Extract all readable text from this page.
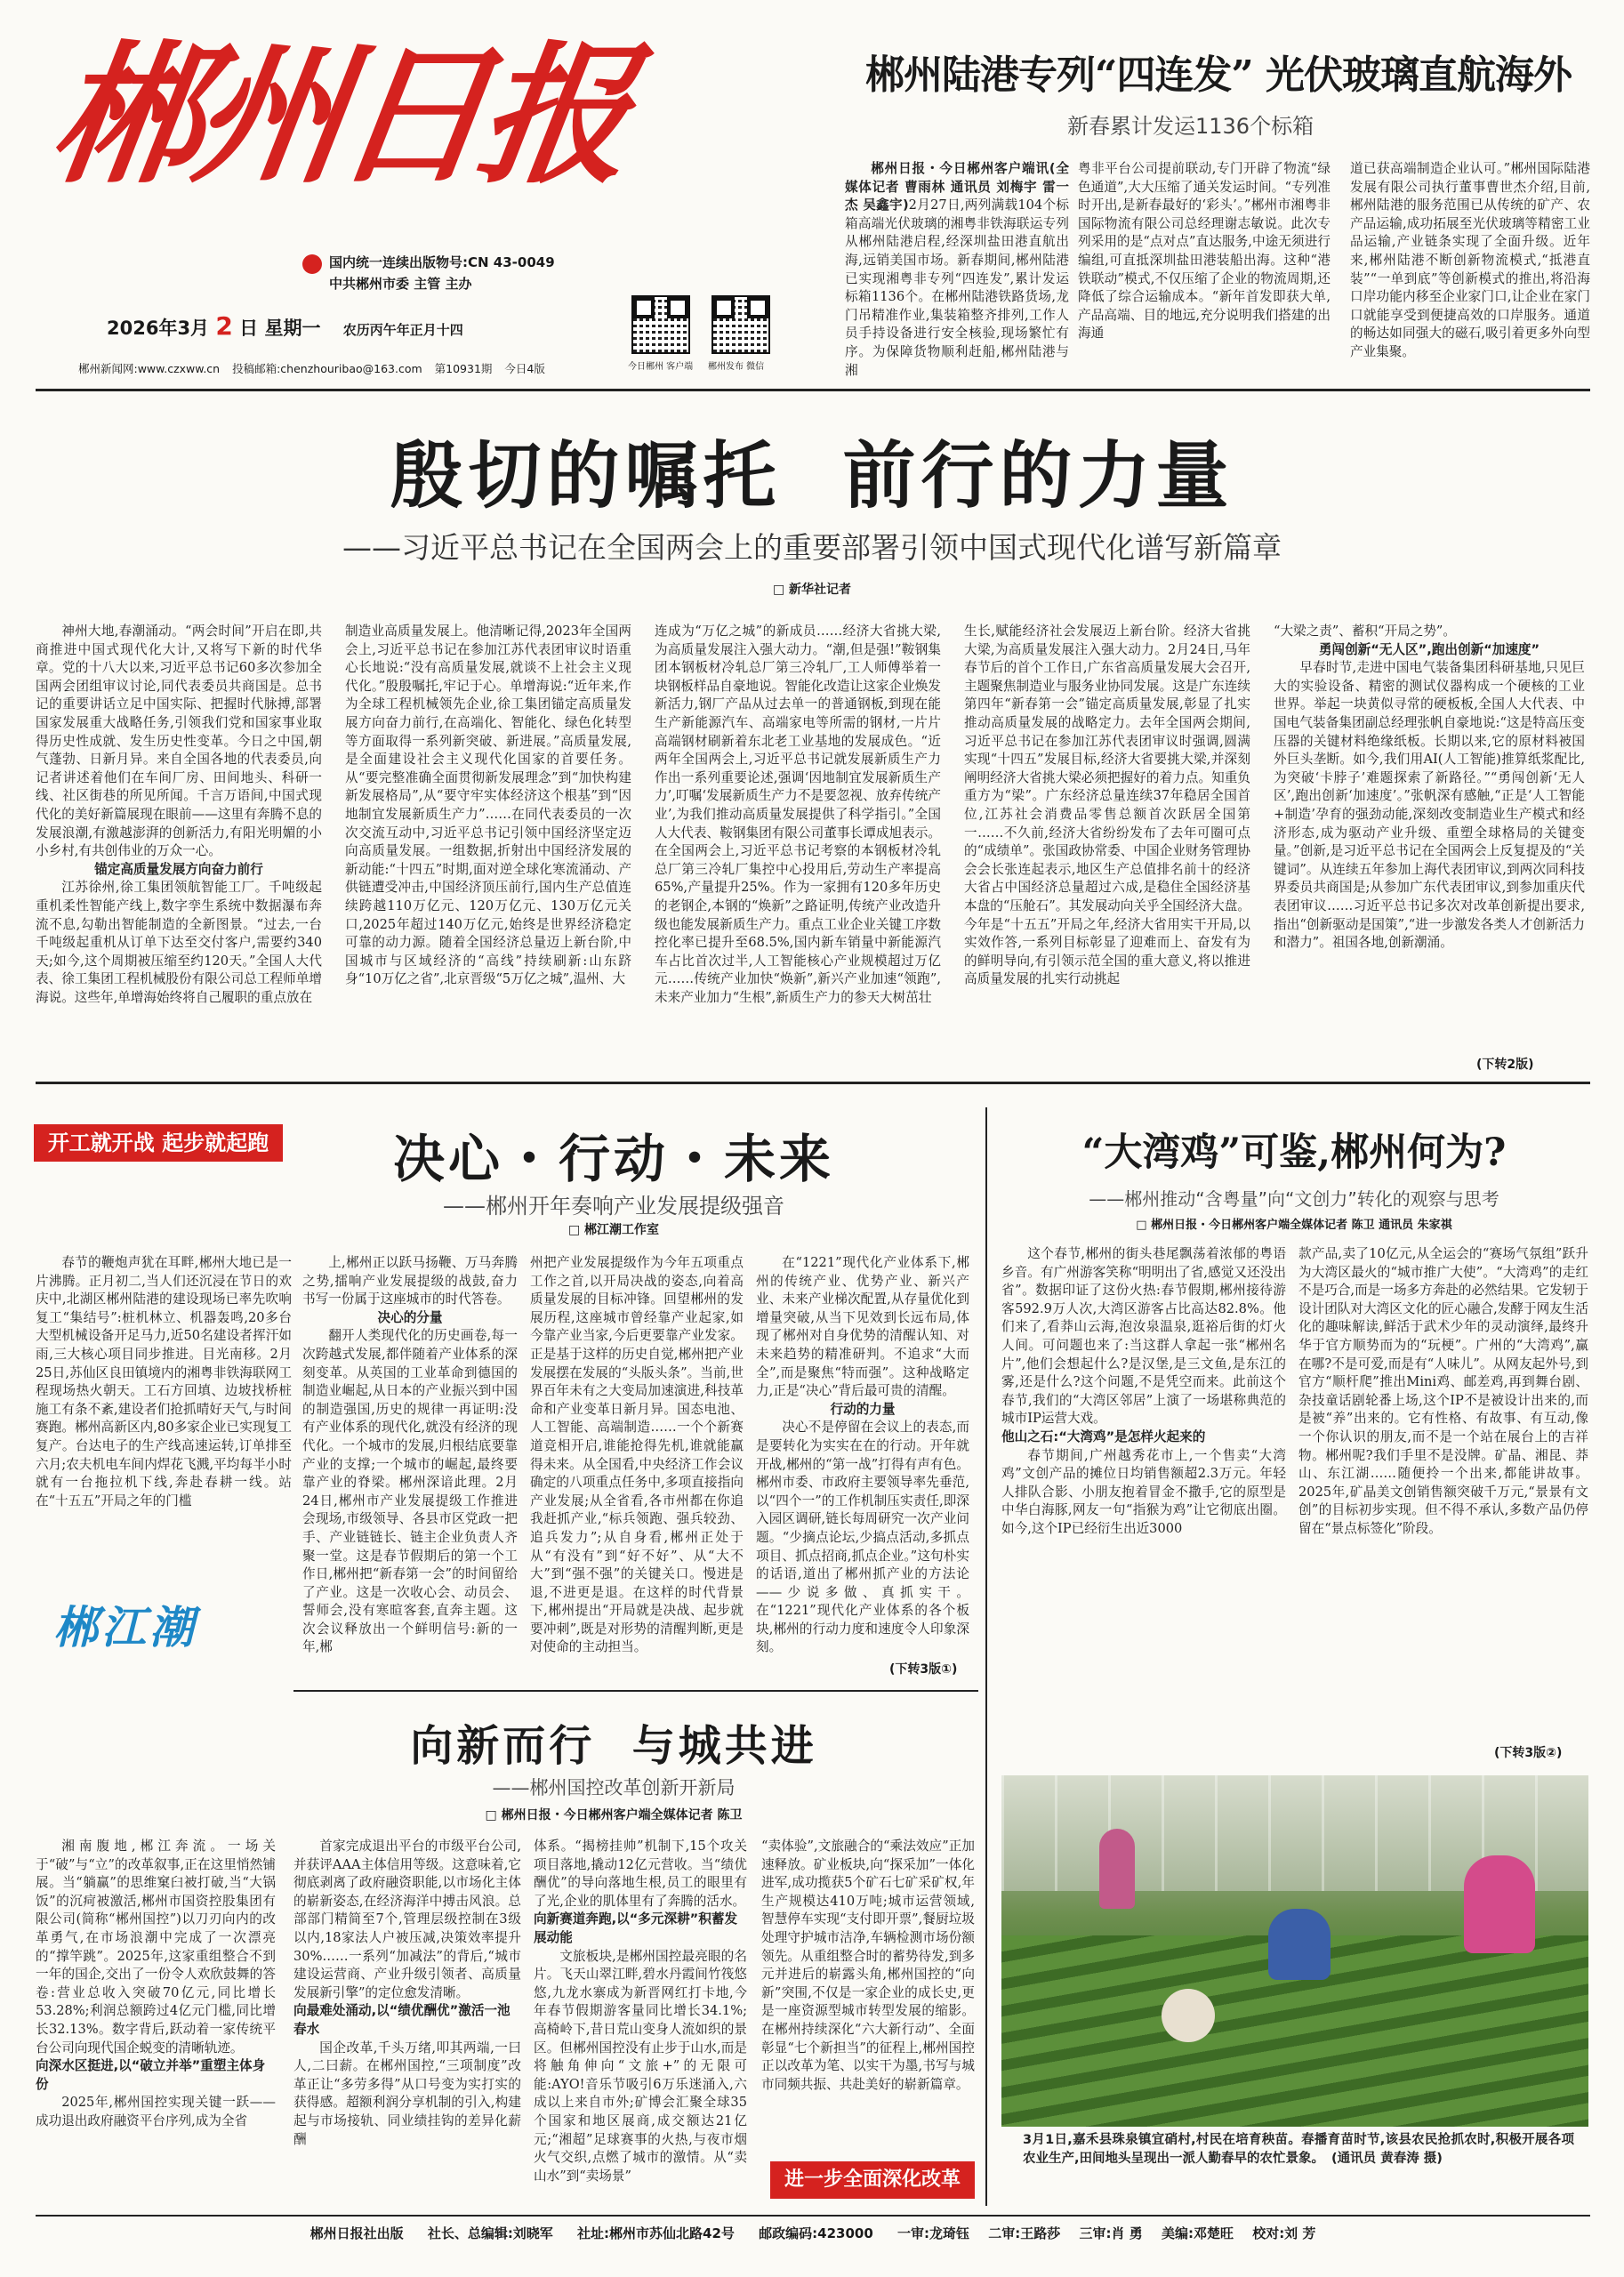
郴州日报
国内统一连续出版物号:CN 43-0049
中共郴州市委 主管 主办
2026年3月 2 日 星期一 农历丙午年正月十四
郴州新闻网:www.czxww.cn 投稿邮箱:chenzhouribao@163.com 第10931期 今日4版	今日郴州 客户端 郴州发布 微信
郴州陆港专列“四连发” 光伏玻璃直航海外
新春累计发运1136个标箱

郴州日报・今日郴州客户端讯(全媒体记者 曹雨林 通讯员 刘梅宇 雷一杰 吴鑫宇)2月27日,两列满载104个标箱高端光伏玻璃的湘粤非铁海联运专列从郴州陆港启程,经深圳盐田港直航出海,远销美国市场。新春期间,郴州陆港已实现湘粤非专列“四连发”,累计发运标箱1136个。在郴州陆港铁路货场,龙门吊精准作业,集装箱整齐排列,工作人员手持设备进行安全核验,现场繁忙有序。为保障货物顺利赶船,郴州陆港与湘

粤非平台公司提前联动,专门开辟了物流“绿色通道”,大大压缩了通关发运时间。“专列准时开出,是新春最好的‘彩头’。”郴州市湘粤非国际物流有限公司总经理谢志敏说。此次专列采用的是“点对点”直达服务,中途无须进行编组,可直抵深圳盐田港装船出海。这种“港铁联动”模式,不仅压缩了企业的物流周期,还降低了综合运输成本。“新年首发即获大单,产品高端、目的地远,充分说明我们搭建的出海通

道已获高端制造企业认可。”郴州国际陆港发展有限公司执行董事曹世杰介绍,目前,郴州陆港的服务范围已从传统的矿产、农产品运输,成功拓展至光伏玻璃等精密工业品运输,产业链条实现了全面升级。近年来,郴州陆港不断创新物流模式,“抵港直装”“一单到底”等创新模式的推出,将沿海口岸功能内移至企业家门口,让企业在家门口就能享受到便捷高效的口岸服务。通道的畅达如同强大的磁石,吸引着更多外向型产业集聚。

殷切的嘱托  前行的力量
——习近平总书记在全国两会上的重要部署引领中国式现代化谱写新篇章
□ 新华社记者

神州大地,春潮涌动。“两会时间”开启在即,共商推进中国式现代化大计,又将写下新的时代华章。党的十八大以来,习近平总书记60多次参加全国两会团组审议讨论,同代表委员共商国是。总书记的重要讲话立足中国实际、把握时代脉搏,部署国家发展重大战略任务,引领我们党和国家事业取得历史性成就、发生历史性变革。今日之中国,朝气蓬勃、日新月异。来自全国各地的代表委员,向记者讲述着他们在车间厂房、田间地头、科研一线、社区街巷的所见所闻。千言万语间,中国式现代化的美好新篇展现在眼前——这里有奔腾不息的发展浪潮,有激越澎湃的创新活力,有阳光明媚的小小乡村,有共创伟业的万众一心。

锚定高质量发展方向奋力前行

江苏徐州,徐工集团领航智能工厂。千吨级起重机柔性智能产线上,数字孪生系统中数据瀑布奔流不息,勾勒出智能制造的全新图景。“过去,一台千吨级起重机从订单下达至交付客户,需要约340天;如今,这个周期被压缩至约120天。”全国人大代表、徐工集团工程机械股份有限公司总工程师单增海说。这些年,单增海始终将自己履职的重点放在

制造业高质量发展上。他清晰记得,2023年全国两会上,习近平总书记在参加江苏代表团审议时语重心长地说:“没有高质量发展,就谈不上社会主义现代化。”殷殷嘱托,牢记于心。单增海说:“近年来,作为全球工程机械领先企业,徐工集团锚定高质量发展方向奋力前行,在高端化、智能化、绿色化转型等方面取得一系列新突破、新进展。”高质量发展,是全面建设社会主义现代化国家的首要任务。从“要完整准确全面贯彻新发展理念”到“加快构建新发展格局”,从“要守牢实体经济这个根基”到“因地制宜发展新质生产力”……在同代表委员的一次次交流互动中,习近平总书记引领中国经济坚定迈向高质量发展。一组数据,折射出中国经济发展的新动能:“十四五”时期,面对逆全球化寒流涌动、产供链遭受冲击,中国经济顶压前行,国内生产总值连续跨越110万亿元、120万亿元、130万亿元关口,2025年超过140万亿元,始终是世界经济稳定可靠的动力源。随着全国经济总量迈上新台阶,中国城市与区域经济的“高线”持续刷新:山东跻身“10万亿之省”,北京晋级“5万亿之城”,温州、大

连成为“万亿之城”的新成员……经济大省挑大梁,为高质量发展注入强大动力。“潮,但是强!”鞍钢集团本钢板材冷轧总厂第三冷轧厂,工人师傅举着一块钢板样品自豪地说。智能化改造让这家企业焕发新活力,钢厂产品从过去单一的普通钢板,到现在能生产新能源汽车、高端家电等所需的钢材,一片片高端钢材刷新着东北老工业基地的发展成色。“近两年全国两会上,习近平总书记就发展新质生产力作出一系列重要论述,强调‘因地制宜发展新质生产力’,叮嘱‘发展新质生产力不是要忽视、放弃传统产业’,为我们推动高质量发展提供了科学指引。”全国人大代表、鞍钢集团有限公司董事长谭成旭表示。在全国两会上,习近平总书记考察的本钢板材冷轧总厂第三冷轧厂集控中心投用后,劳动生产率提高65%,产量提升25%。作为一家拥有120多年历史的老钢企,本钢的“焕新”之路证明,传统产业改造升级也能发展新质生产力。重点工业企业关键工序数控化率已提升至68.5%,国内新车销量中新能源汽车占比首次过半,人工智能核心产业规模超过万亿元……传统产业加快“焕新”,新兴产业加速“领跑”,未来产业加力“生根”,新质生产力的参天大树茁壮

生长,赋能经济社会发展迈上新台阶。经济大省挑大梁,为高质量发展注入强大动力。2月24日,马年春节后的首个工作日,广东省高质量发展大会召开,主题聚焦制造业与服务业协同发展。这是广东连续第四年“新春第一会”锚定高质量发展,彰显了扎实推动高质量发展的战略定力。去年全国两会期间,习近平总书记在参加江苏代表团审议时强调,圆满实现“十四五”发展目标,经济大省要挑大梁,并深刻阐明经济大省挑大梁必须把握好的着力点。知重负重方为“梁”。广东经济总量连续37年稳居全国首位,江苏社会消费品零售总额首次跃居全国第一……不久前,经济大省纷纷发布了去年可圈可点的“成绩单”。张国政协常委、中国企业财务管理协会会长张连起表示,地区生产总值排名前十的经济大省占中国经济总量超过六成,是稳住全国经济基本盘的“压舱石”。其发展动向关乎全国经济大盘。今年是“十五五”开局之年,经济大省用实干开局,以实效作答,一系列目标彰显了迎难而上、奋发有为的鲜明导向,有引领示范全国的重大意义,将以推进高质量发展的扎实行动挑起

“大梁之责”、蓄积“开局之势”。

勇闯创新“无人区”,跑出创新“加速度”

早春时节,走进中国电气装备集团科研基地,只见巨大的实验设备、精密的测试仪器构成一个硬核的工业世界。举起一块黄似寻常的硬板板,全国人大代表、中国电气装备集团副总经理张帆自豪地说:“这是特高压变压器的关键材料绝缘纸板。长期以来,它的原材料被国外巨头垄断。如今,我们用AI(人工智能)推算纸浆配比,为突破‘卡脖子’难题探索了新路径。”“勇闯创新‘无人区’,跑出创新‘加速度’。”张帆深有感触,“正是‘人工智能+制造’孕育的强劲动能,深刻改变制造业生产模式和经济形态,成为驱动产业升级、重塑全球格局的关键变量。”创新,是习近平总书记在全国两会上反复提及的“关键词”。从连续五年参加上海代表团审议,到两次同科技界委员共商国是;从参加广东代表团审议,到参加重庆代表团审议……习近平总书记多次对改革创新提出要求,指出“创新驱动是国策”,“进一步激发各类人才创新活力和潜力”。祖国各地,创新潮涌。

(下转2版)
开工就开战 起步就起跑	决心・行动・未来
——郴州开年奏响产业发展提级强音
□ 郴江潮工作室

春节的鞭炮声犹在耳畔,郴州大地已是一片沸腾。正月初二,当人们还沉浸在节日的欢庆中,北湖区郴州陆港的建设现场已率先吹响复工“集结号”:桩机林立、机器轰鸣,20多台大型机械设备开足马力,近50名建设者挥汗如雨,三大核心项目同步推进。目光南移。2月25日,苏仙区良田镇境内的湘粤非铁海联网工程现场热火朝天。工石方回填、边坡找桥桩施工有条不紊,建设者们抢抓晴好天气,与时间赛跑。郴州高新区内,80多家企业已实现复工复产。台达电子的生产线高速运转,订单排至六月;农夫机电车间内焊花飞溅,平均每半小时就有一台拖拉机下线,奔赴春耕一线。站在“十五五”开局之年的门槛

郴江潮

上,郴州正以跃马扬鞭、万马奔腾之势,擂响产业发展提级的战鼓,奋力书写一份属于这座城市的时代答卷。

决心的分量

翻开人类现代化的历史画卷,每一次跨越式发展,都伴随着产业体系的深刻变革。从英国的工业革命到德国的制造业崛起,从日本的产业振兴到中国的制造强国,历史的规律一再证明:没有产业体系的现代化,就没有经济的现代化。一个城市的发展,归根结底要靠产业的支撑;一个城市的崛起,最终要靠产业的脊梁。郴州深谙此理。2月24日,郴州市产业发展提级工作推进会现场,市级领导、各县市区党政一把手、产业链链长、链主企业负责人齐聚一堂。这是春节假期后的第一个工作日,郴州把“新春第一会”的时间留给了产业。这是一次收心会、动员会、誓师会,没有寒暄客套,直奔主题。这次会议释放出一个鲜明信号:新的一年,郴

州把产业发展提级作为今年五项重点工作之首,以开局决战的姿态,向着高质量发展的目标冲锋。回望郴州的发展历程,这座城市曾经靠产业起家,如今靠产业当家,今后更要靠产业发家。正是基于这样的历史自觉,郴州把产业发展摆在发展的“头版头条”。当前,世界百年未有之大变局加速演进,科技革命和产业变革日新月异。国态电池、人工智能、高端制造……一个个新赛道竞相开启,谁能抢得先机,谁就能赢得未来。从全国看,中央经济工作会议确定的八项重点任务中,多项直接指向产业发展;从全省看,各市州都在你追我赶抓产业,“标兵领跑、强兵较劲、追兵发力”;从自身看,郴州正处于从“有没有”到“好不好”、从“大不大”到“强不强”的关键关口。慢进是退,不进更是退。在这样的时代背景下,郴州提出“开局就是决战、起步就要冲刺”,既是对形势的清醒判断,更是对使命的主动担当。

在“1221”现代化产业体系下,郴州的传统产业、优势产业、新兴产业、未来产业梯次配置,从存量优化到增量突破,从当下见效到长远布局,体现了郴州对自身优势的清醒认知、对未来趋势的精准研判。不追求“大而全”,而是聚焦“特而强”。这种战略定力,正是“决心”背后最可贵的清醒。

行动的力量

决心不是停留在会议上的表态,而是要转化为实实在在的行动。开年就开战,郴州的“第一战”打得有声有色。郴州市委、市政府主要领导率先垂范,以“四个一”的工作机制压实责任,即深入园区调研,链长每周研究一次产业问题。“少摘点论坛,少搞点活动,多抓点项目、抓点招商,抓点企业。”这句朴实的话语,道出了郴州抓产业的方法论——少说多做、真抓实干。在“1221”现代化产业体系的各个板块,郴州的行动力度和速度令人印象深刻。

(下转3版①)
“大湾鸡”可鉴,郴州何为?
——郴州推动“含粤量”向“文创力”转化的观察与思考
□ 郴州日报・今日郴州客户端全媒体记者 陈卫 通讯员 朱家祺

这个春节,郴州的街头巷尾飘荡着浓郁的粤语乡音。有广州游客笑称“明明出了省,感觉又还没出省”。数据印证了这份火热:春节假期,郴州接待游客592.9万人次,大湾区游客占比高达82.8%。他们来了,看莽山云海,泡汝泉温泉,逛裕后街的灯火人间。可问题也来了:当这群人拿起一张“郴州名片”,他们会想起什么?是汉堡,是三文鱼,是东江的雾,还是什么?这个问题,不是凭空而来。此前这个春节,我们的“大湾区邻居”上演了一场堪称典范的城市IP运营大戏。

他山之石:“大湾鸡”是怎样火起来的

春节期间,广州越秀花市上,一个售卖“大湾鸡”文创产品的摊位日均销售额超2.3万元。年轻人排队合影、小朋友抱着冒金不撒手,它的原型是中华白海豚,网友一句“指猴为鸡”让它彻底出圈。如今,这个IP已经衍生出近3000

款产品,卖了10亿元,从全运会的“赛场气氛组”跃升为大湾区最火的“城市推广大使”。“大湾鸡”的走红不是巧合,而是一场多方奔赴的必然结果。它发轫于设计团队对大湾区文化的匠心融合,发酵于网友生活化的趣味解读,鲜活于武术少年的灵动演绎,最终升华于官方顺势而为的“玩梗”。广州的“大湾鸡”,赢在哪?不是可爱,而是有“人味儿”。从网友起外号,到官方“顺杆爬”推出Mini鸡、邮差鸡,再到舞台剧、杂技童话剧轮番上场,这个IP不是被设计出来的,而是被“养”出来的。它有性格、有故事、有互动,像一个你认识的朋友,而不是一个站在展台上的吉祥物。郴州呢?我们手里不是没牌。矿晶、湘昆、莽山、东江湖……随便拎一个出来,都能讲故事。2025年,矿晶美文创销售额突破千万元,“景景有文创”的目标初步实现。但不得不承认,多数产品仍停留在“景点标签化”阶段。

(下转3版②)
3月1日,嘉禾县珠泉镇宜硝村,村民在培育秧苗。春播育苗时节,该县农民抢抓农时,积极开展各项农业生产,田间地头呈现出一派人勤春早的农忙景象。 (通讯员 黄春涛 摄)
向新而行  与城共进
——郴州国控改革创新开新局
□ 郴州日报・今日郴州客户端全媒体记者 陈卫

湘南腹地,郴江奔流。一场关于“破”与“立”的改革叙事,正在这里悄然铺展。当“躺赢”的思维窠臼被打破,当“大锅饭”的沉疴被激活,郴州市国资控股集团有限公司(简称“郴州国控”)以刀刃向内的改革勇气,在市场浪潮中完成了一次漂亮的“撑竿跳”。2025年,这家重组整合不到一年的国企,交出了一份令人欢欣鼓舞的答卷:营业总收入突破70亿元,同比增长53.28%;利润总额跨过4亿元门槛,同比增长32.13%。数字背后,跃动着一家传统平台公司向现代国企蜕变的清晰轨迹。

向深水区挺进,以“破立并举”重塑主体身份

2025年,郴州国控实现关键一跃——成功退出政府融资平台序列,成为全省

首家完成退出平台的市级平台公司,并获评AAA主体信用等级。这意味着,它彻底剥离了政府融资职能,以市场化主体的崭新姿态,在经济海洋中搏击风浪。总部部门精简至7个,管理层级控制在3级以内,18家法人户被压减,决策效率提升30%……一系列“加减法”的背后,“城市建设运营商、产业升级引领者、高质量发展新引擎”的定位愈发清晰。

向最难处涌动,以“绩优酬优”激活一池春水

国企改革,千头万绪,叩其两端,一曰人,二曰薪。在郴州国控,“三项制度”改革正让“多劳多得”从口号变为实打实的获得感。超额利润分享机制的引入,构建起与市场接轨、同业绩挂钩的差异化薪酬

体系。“揭榜挂帅”机制下,15个攻关项目落地,撬动12亿元营收。当“绩优酬优”的导向落地生根,员工的眼里有了光,企业的肌体里有了奔腾的活水。

向新赛道奔跑,以“多元深耕”积蓄发展动能

文旅板块,是郴州国控最亮眼的名片。飞天山翠江畔,碧水丹霞间竹筏悠悠,九龙水寨成为新晋网红打卡地,今年春节假期游客量同比增长34.1%;高椅岭下,昔日荒山变身人流如织的景区。但郴州国控没有止步于山水,而是将触角伸向“文旅+”的无限可能:AYO!音乐节吸引6万乐迷涌入,六成以上来自市外;矿博会汇聚全球35个国家和地区展商,成交额达21亿元;“湘超”足球赛事的火热,与夜市烟火气交织,点燃了城市的激情。从“卖山水”到“卖场景”

“卖体验”,文旅融合的“乘法效应”正加速释放。矿业板块,向“探采加”一体化进军,成功揽获5个矿石七矿采矿权,年生产规模达410万吨;城市运营领域,智慧停车实现“支付即开票”,餐厨垃圾处理守护城市洁净,车辆检测市场份额领先。从重组整合时的蓄势待发,到多元并进后的崭露头角,郴州国控的“向新”突围,不仅是一家企业的成长史,更是一座资源型城市转型发展的缩影。在郴州持续深化“六大新行动”、全面彰显“七个新担当”的征程上,郴州国控正以改革为笔、以实干为墨,书写与城市同频共振、共赴美好的崭新篇章。

进一步全面深化改革
郴州日报社出版 社长、总编辑:刘晓军 社址:郴州市苏仙北路42号 邮政编码:423000 一审:龙琦钰 二审:王路莎 三审:肖 勇 美编:邓楚旺 校对:刘 芳
